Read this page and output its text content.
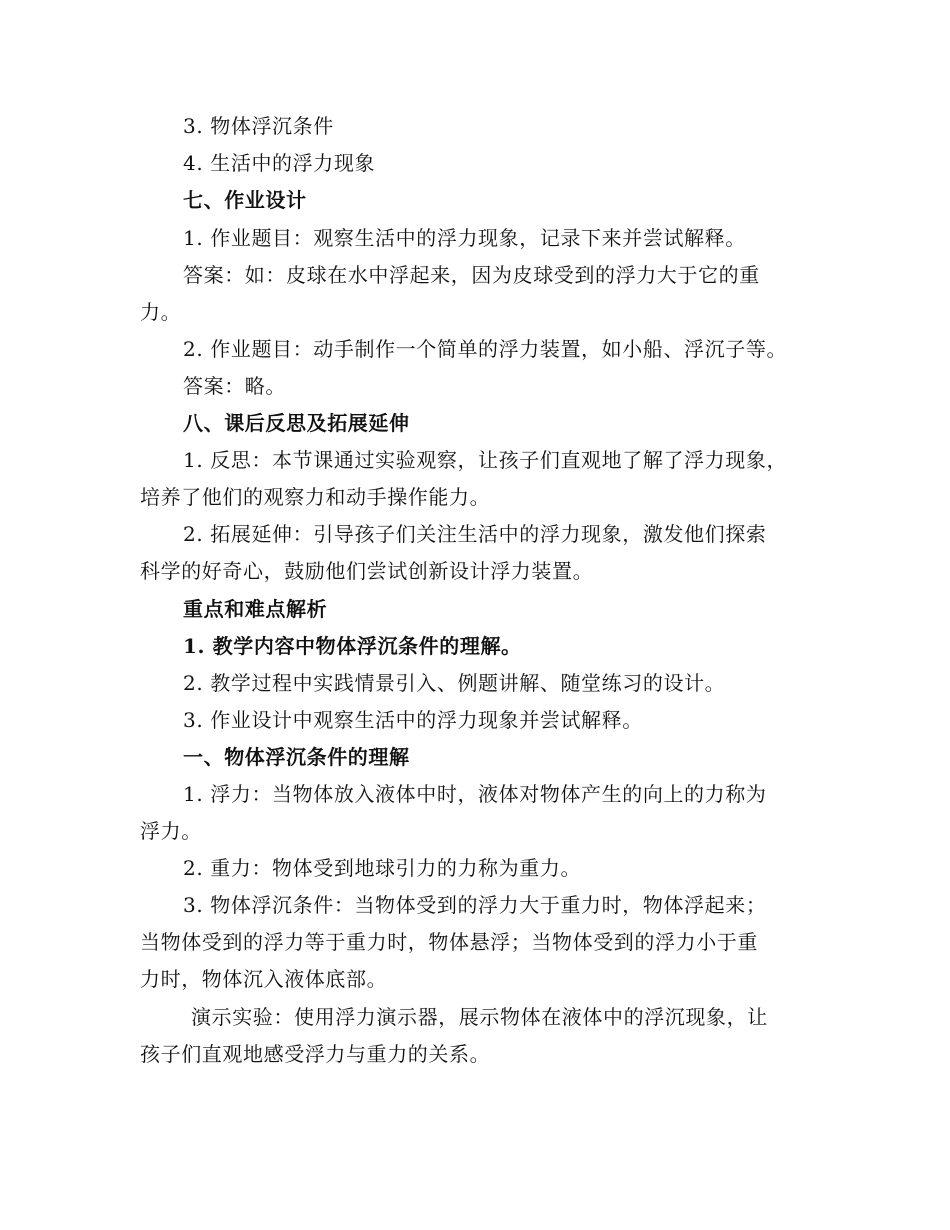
3. 物体浮沉条件
4. 生活中的浮力现象
七、作业设计
1. 作业题目：观察生活中的浮力现象，记录下来并尝试解释。
答案：如：皮球在水中浮起来，因为皮球受到的浮力大于它的重
力。
2. 作业题目：动手制作一个简单的浮力装置，如小船、浮沉子等。
答案：略。
八、课后反思及拓展延伸
1. 反思：本节课通过实验观察，让孩子们直观地了解了浮力现象，
培养了他们的观察力和动手操作能力。
2. 拓展延伸：引导孩子们关注生活中的浮力现象，激发他们探索
科学的好奇心，鼓励他们尝试创新设计浮力装置。
重点和难点解析
1. 教学内容中物体浮沉条件的理解。
2. 教学过程中实践情景引入、例题讲解、随堂练习的设计。
3. 作业设计中观察生活中的浮力现象并尝试解释。
一、物体浮沉条件的理解
1. 浮力：当物体放入液体中时，液体对物体产生的向上的力称为
浮力。
2. 重力：物体受到地球引力的力称为重力。
3. 物体浮沉条件：当物体受到的浮力大于重力时，物体浮起来；
当物体受到的浮力等于重力时，物体悬浮；当物体受到的浮力小于重
力时，物体沉入液体底部。
演示实验：使用浮力演示器，展示物体在液体中的浮沉现象，让
孩子们直观地感受浮力与重力的关系。
